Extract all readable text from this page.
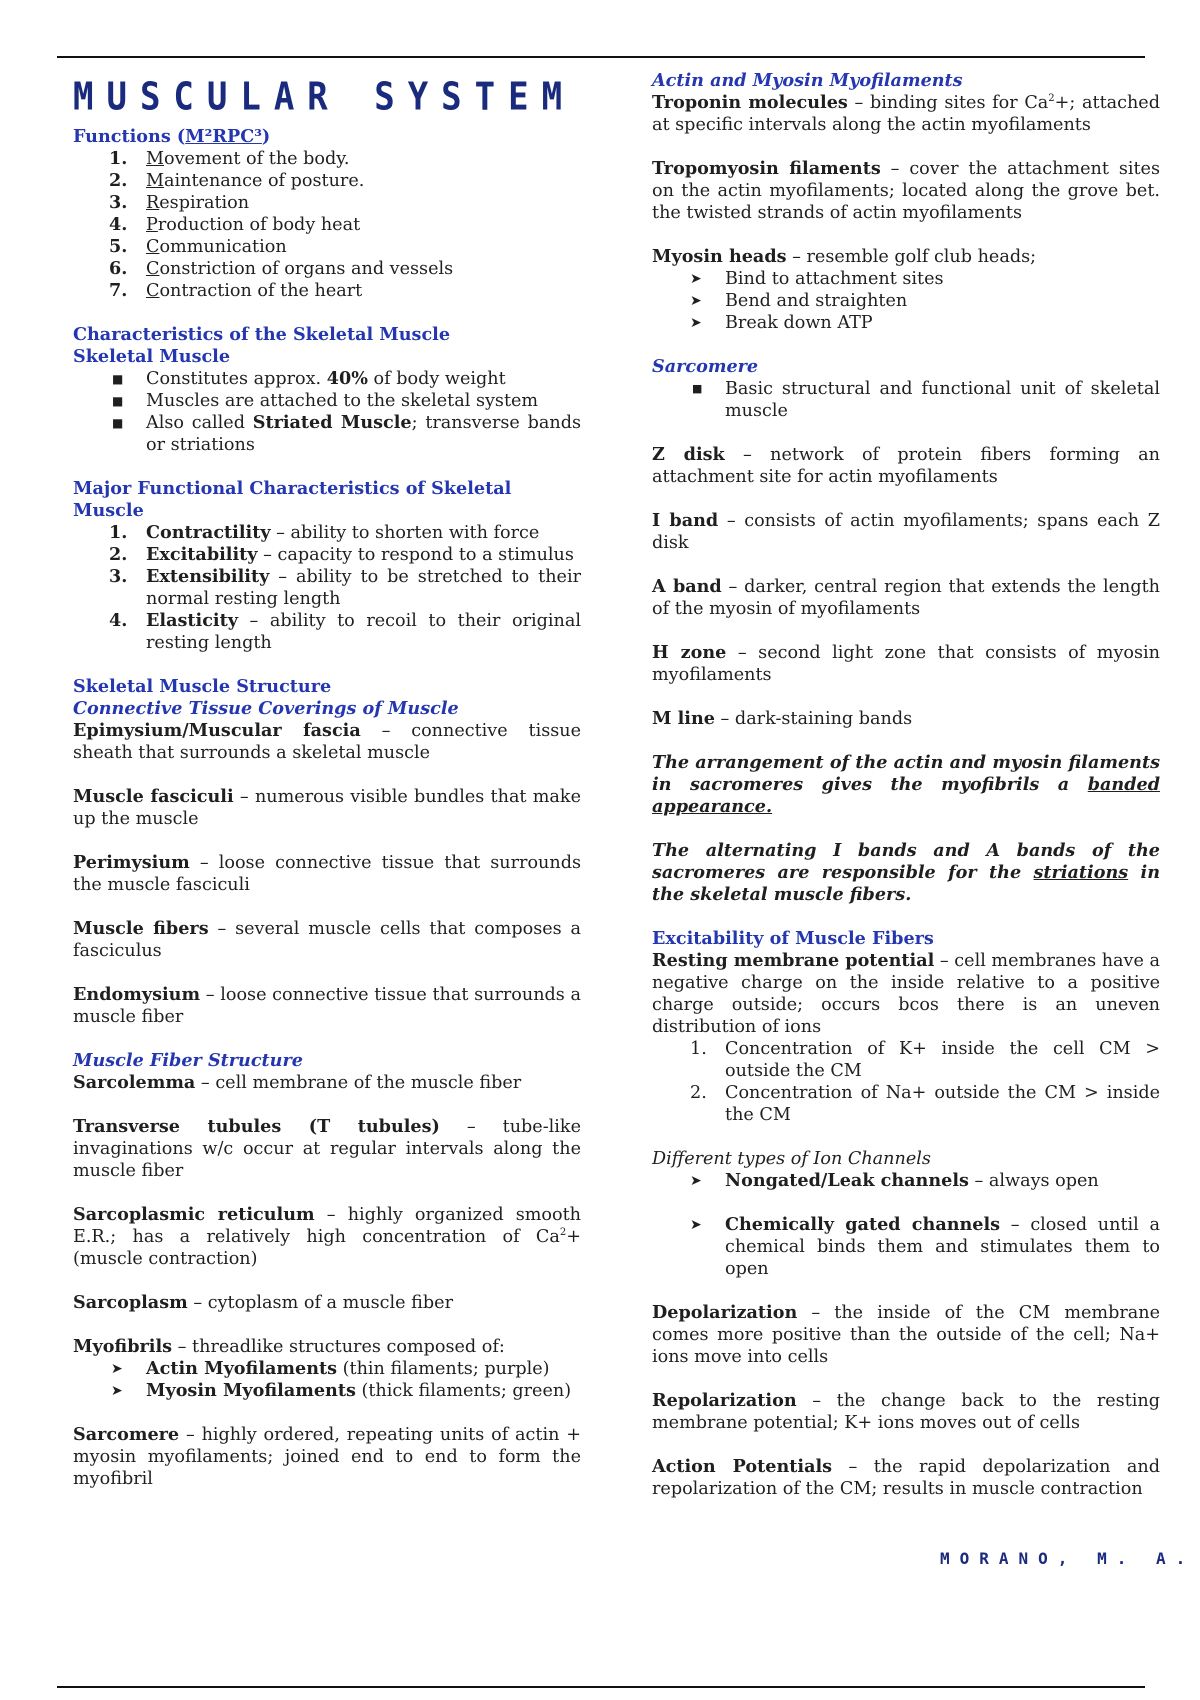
MUSCULAR SYSTEM
Functions (M²RPC³)
1. Movement of the body.
2. Maintenance of posture.
3. Respiration
4. Production of body heat
5. Communication
6. Constriction of organs and vessels
7. Contraction of the heart
Characteristics of the Skeletal Muscle
Skeletal Muscle
■ Constitutes approx. 40% of body weight
■ Muscles are attached to the skeletal system
■ Also called Striated Muscle; transverse bands or striations
Major Functional Characteristics of Skeletal Muscle
1. Contractility – ability to shorten with force
2. Excitability – capacity to respond to a stimulus
3. Extensibility – ability to be stretched to their normal resting length
4. Elasticity – ability to recoil to their original resting length
Skeletal Muscle Structure
Connective Tissue Coverings of Muscle

Epimysium/Muscular fascia – connective tissue sheath that surrounds a skeletal muscle

Muscle fasciculi – numerous visible bundles that make up the muscle

Perimysium – loose connective tissue that surrounds the muscle fasciculi

Muscle fibers – several muscle cells that composes a fasciculus

Endomysium – loose connective tissue that surrounds a muscle fiber

Muscle Fiber Structure

Sarcolemma – cell membrane of the muscle fiber

Transverse tubules (T tubules) – tube-like invaginations w/c occur at regular intervals along the muscle fiber

Sarcoplasmic reticulum – highly organized smooth E.R.; has a relatively high concentration of $Ca^2+$ (muscle contraction)

Sarcoplasm – cytoplasm of a muscle fiber

Myofibrils – threadlike structures composed of:

➤ Actin Myofilaments (thin filaments; purple)
➤ Myosin Myofilaments (thick filaments; green)

Sarcomere – highly ordered, repeating units of actin + myosin myofilaments; joined end to end to form the myofibril

Actin and Myosin Myofilaments

Troponin molecules – binding sites for $Ca^2+$; attached at specific intervals along the actin myofilaments

Tropomyosin filaments – cover the attachment sites on the actin myofilaments; located along the grove bet. the twisted strands of actin myofilaments

Myosin heads – resemble golf club heads;

➤ Bind to attachment sites
➤ Bend and straighten
➤ Break down ATP
Sarcomere
■ Basic structural and functional unit of skeletal muscle

Z disk – network of protein fibers forming an attachment site for actin myofilaments

I band – consists of actin myofilaments; spans each Z disk

A band – darker, central region that extends the length of the myosin of myofilaments

H zone – second light zone that consists of myosin myofilaments

M line – dark-staining bands

The arrangement of the actin and myosin filaments in sacromeres gives the myofibrils a banded appearance.

The alternating I bands and A bands of the sacromeres are responsible for the striations in the skeletal muscle fibers.

Excitability of Muscle Fibers

Resting membrane potential – cell membranes have a negative charge on the inside relative to a positive charge outside; occurs bcos there is an uneven distribution of ions

1. Concentration of K+ inside the cell CM > outside the CM
2. Concentration of Na+ outside the CM > inside the CM
Different types of Ion Channels
➤ Nongated/Leak channels – always open
➤ Chemically gated channels – closed until a chemical binds them and stimulates them to open

Depolarization – the inside of the CM membrane comes more positive than the outside of the cell; Na+ ions move into cells

Repolarization – the change back to the resting membrane potential; K+ ions moves out of cells

Action Potentials – the rapid depolarization and repolarization of the CM; results in muscle contraction

MORANO, M. A.
